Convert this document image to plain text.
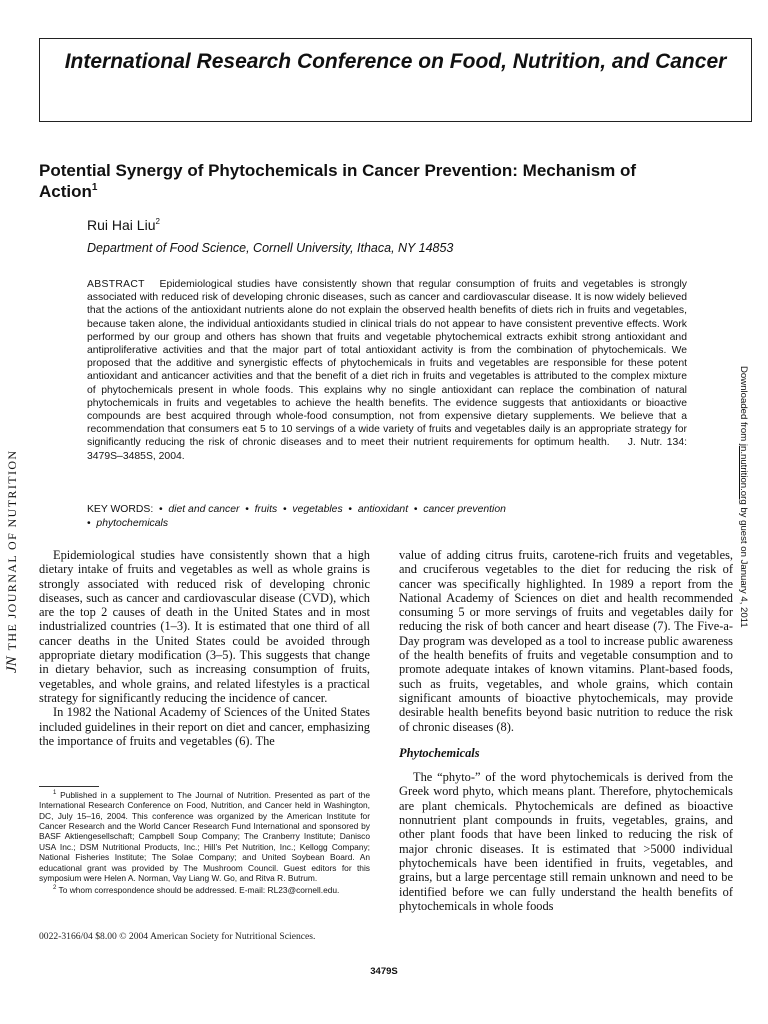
International Research Conference on Food, Nutrition, and Cancer
Potential Synergy of Phytochemicals in Cancer Prevention: Mechanism of Action$^1$
Rui Hai Liu$^2$
Department of Food Science, Cornell University, Ithaca, NY 14853
ABSTRACT Epidemiological studies have consistently shown that regular consumption of fruits and vegetables is strongly associated with reduced risk of developing chronic diseases, such as cancer and cardiovascular disease. It is now widely believed that the actions of the antioxidant nutrients alone do not explain the observed health benefits of diets rich in fruits and vegetables, because taken alone, the individual antioxidants studied in clinical trials do not appear to have consistent preventive effects. Work performed by our group and others has shown that fruits and vegetable phytochemical extracts exhibit strong antioxidant and antiproliferative activities and that the major part of total antioxidant activity is from the combination of phytochemicals. We proposed that the additive and synergistic effects of phytochemicals in fruits and vegetables are responsible for these potent antioxidant and anticancer activities and that the benefit of a diet rich in fruits and vegetables is attributed to the complex mixture of phytochemicals present in whole foods. This explains why no single antioxidant can replace the combination of natural phytochemicals in fruits and vegetables to achieve the health benefits. The evidence suggests that antioxidants or bioactive compounds are best acquired through whole-food consumption, not from expensive dietary supplements. We believe that a recommendation that consumers eat 5 to 10 servings of a wide variety of fruits and vegetables daily is an appropriate strategy for significantly reducing the risk of chronic diseases and to meet their nutrient requirements for optimum health. J. Nutr. 134: 3479S–3485S, 2004.
KEY WORDS:  •  diet and cancer  •  fruits  •  vegetables  •  antioxidant  •  cancer prevention
•  phytochemicals
JNTHE JOURNAL OF NUTRITION
Downloaded from jn.nutrition.org by guest on January 4, 2011

Epidemiological studies have consistently shown that a high dietary intake of fruits and vegetables as well as whole grains is strongly associated with reduced risk of developing chronic diseases, such as cancer and cardiovascular disease (CVD), which are the top 2 causes of death in the United States and in most industrialized countries (1–3). It is estimated that one third of all cancer deaths in the United States could be avoided through appropriate dietary modification (3–5). This suggests that change in dietary behavior, such as increasing consumption of fruits, vegetables, and whole grains, and related lifestyles is a practical strategy for significantly reducing the incidence of cancer.

In 1982 the National Academy of Sciences of the United States included guidelines in their report on diet and cancer, emphasizing the importance of fruits and vegetables (6). The

value of adding citrus fruits, carotene-rich fruits and vegetables, and cruciferous vegetables to the diet for reducing the risk of cancer was specifically highlighted. In 1989 a report from the National Academy of Sciences on diet and health recommended consuming 5 or more servings of fruits and vegetables daily for reducing the risk of both cancer and heart disease (7). The Five-a-Day program was developed as a tool to increase public awareness of the health benefits of fruits and vegetable consumption and to promote adequate intakes of known vitamins. Plant-based foods, such as fruits, vegetables, and whole grains, which contain significant amounts of bioactive phytochemicals, may provide desirable health benefits beyond basic nutrition to reduce the risk of chronic diseases (8).

Phytochemicals

The “phyto-” of the word phytochemicals is derived from the Greek word phyto, which means plant. Therefore, phytochemicals are plant chemicals. Phytochemicals are defined as bioactive nonnutrient plant compounds in fruits, vegetables, grains, and other plant foods that have been linked to reducing the risk of major chronic diseases. It is estimated that >5000 individual phytochemicals have been identified in fruits, vegetables, and grains, but a large percentage still remain unknown and need to be identified before we can fully understand the health benefits of phytochemicals in whole foods

$^1$ Published in a supplement to The Journal of Nutrition. Presented as part of the International Research Conference on Food, Nutrition, and Cancer held in Washington, DC, July 15–16, 2004. This conference was organized by the American Institute for Cancer Research and the World Cancer Research Fund International and sponsored by BASF Aktiengesellschaft; Campbell Soup Company; The Cranberry Institute; Danisco USA Inc.; DSM Nutritional Products, Inc.; Hill’s Pet Nutrition, Inc.; Kellogg Company; National Fisheries Institute; The Solae Company; and United Soybean Board. An educational grant was provided by The Mushroom Council. Guest editors for this symposium were Helen A. Norman, Vay Liang W. Go, and Ritva R. Butrum.

$^2$ To whom correspondence should be addressed. E-mail: RL23@cornell.edu.

0022-3166/04 $8.00 © 2004 American Society for Nutritional Sciences.
3479S
